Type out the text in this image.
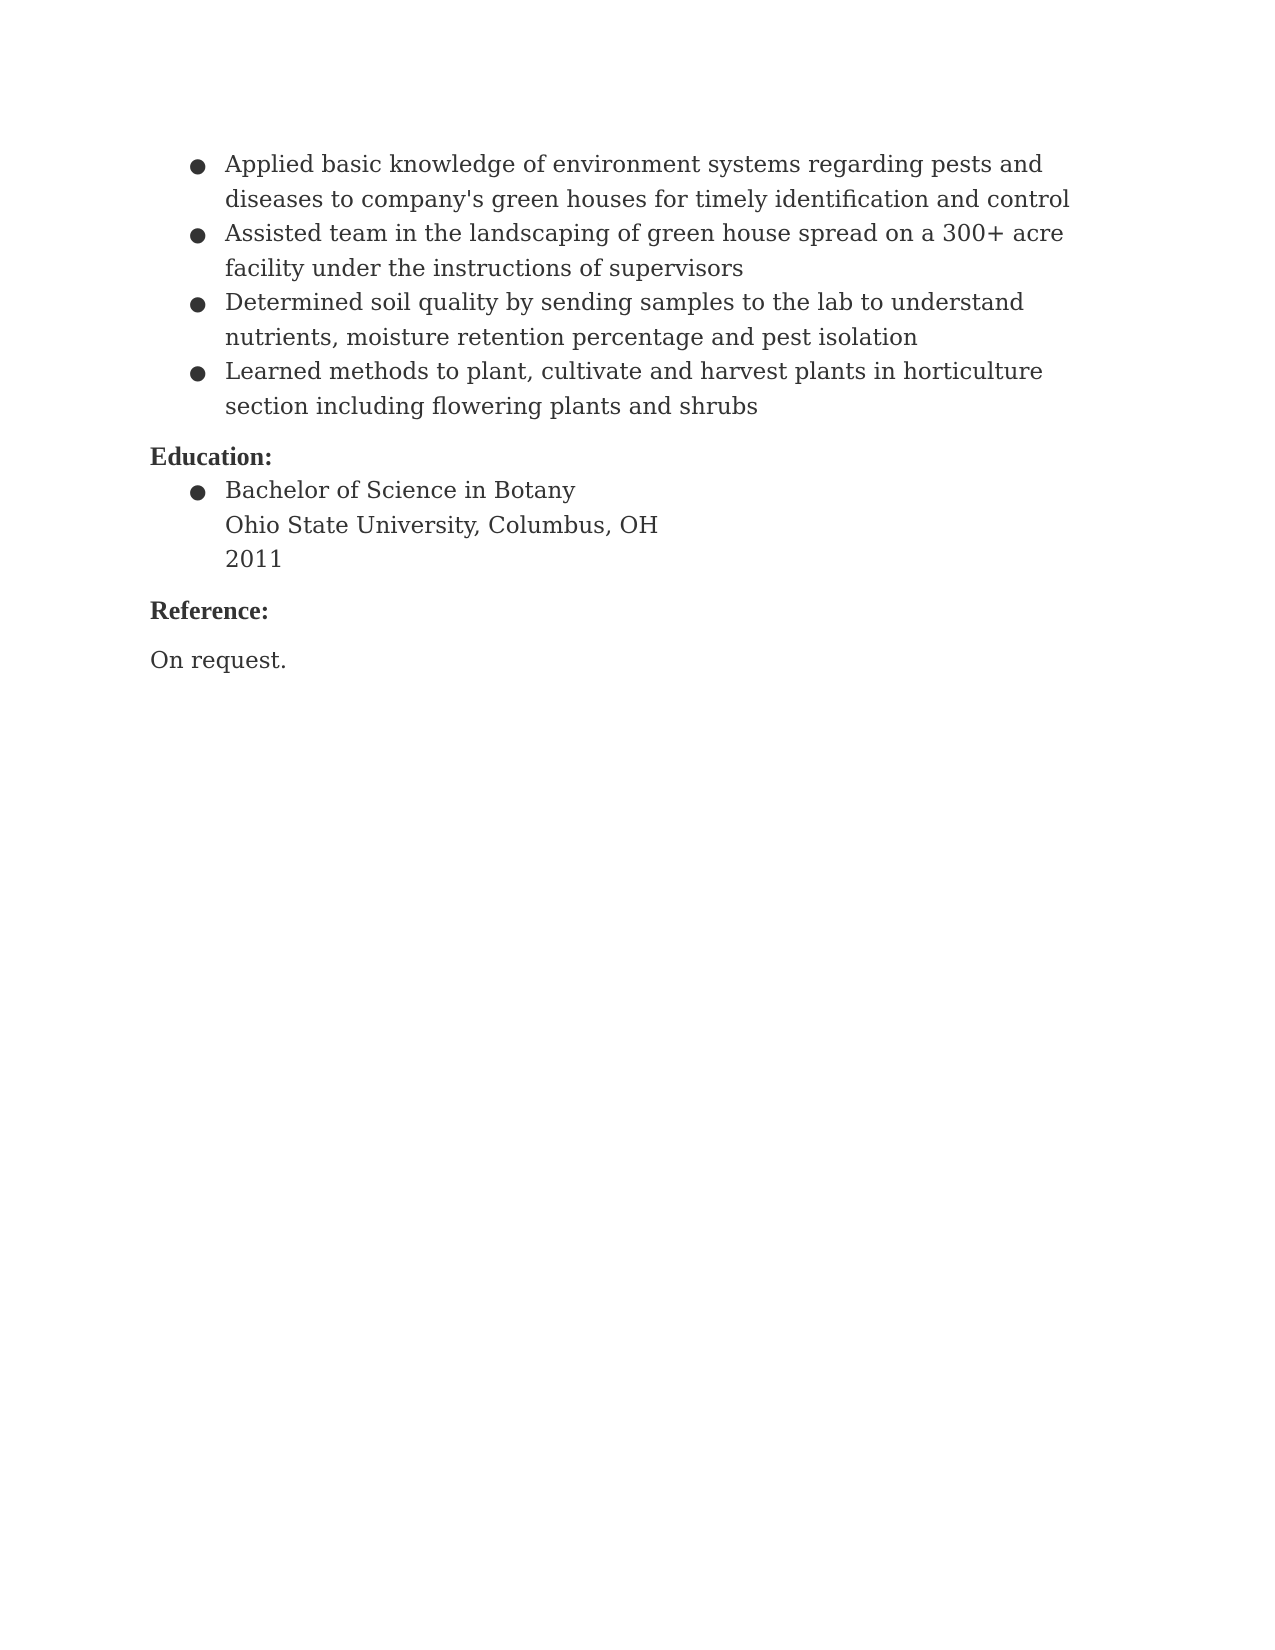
● Applied basic knowledge of environment systems regarding pests and diseases to company's green houses for timely identification and control
● Assisted team in the landscaping of green house spread on a 300+ acre facility under the instructions of supervisors
● Determined soil quality by sending samples to the lab to understand nutrients, moisture retention percentage and pest isolation
● Learned methods to plant, cultivate and harvest plants in horticulture section including flowering plants and shrubs
Education:
● Bachelor of Science in Botany
Ohio State University, Columbus, OH
2011
Reference:
On request.
